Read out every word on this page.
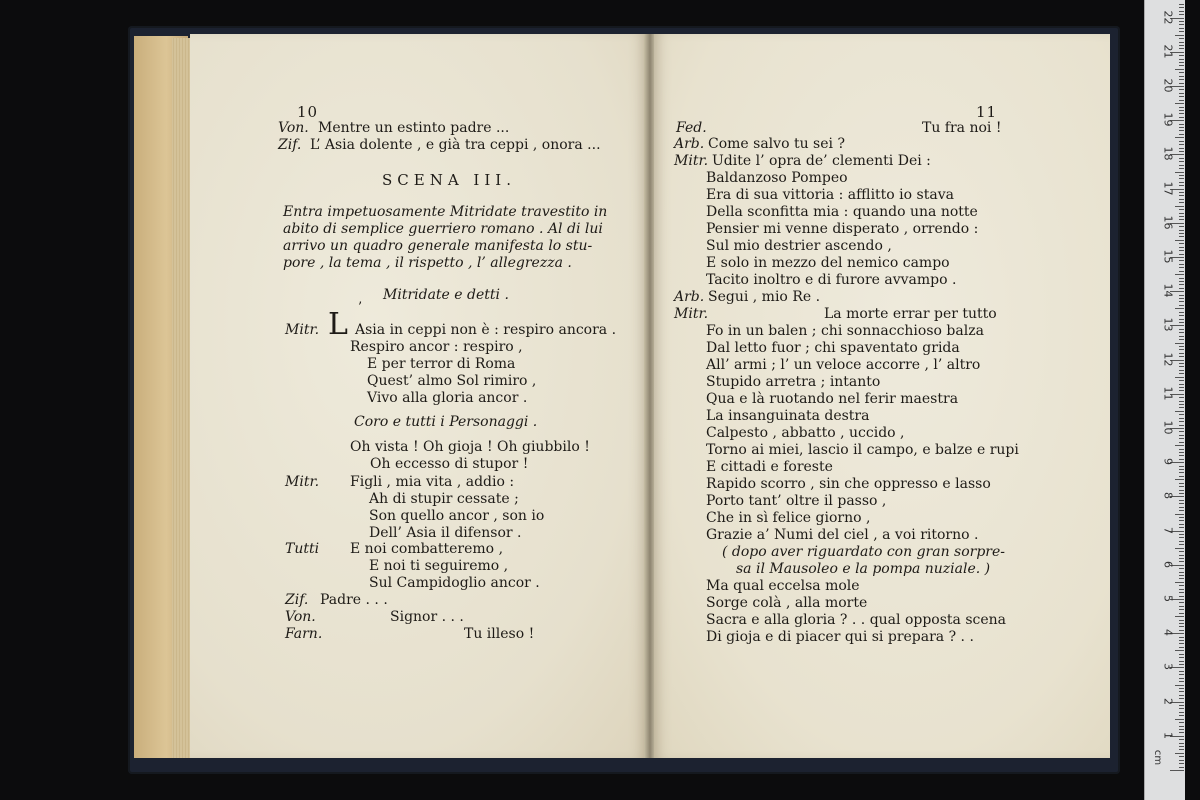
10
Von. Mentre un estinto padre ...
Zif. L’ Asia dolente , e già tra ceppi , onora ...
SCENA III.
Entra impetuosamente Mitridate travestito in
abito di semplice guerriero romano . Al di lui
arrivo un quadro generale manifesta lo stu-
pore , la tema , il rispetto , l’ allegrezza .
Mitridate e detti .
Mitr. L ’
Asia in ceppi non è : respiro ancora .
Respiro ancor : respiro ,
E per terror di Roma
Quest’ almo Sol rimiro ,
Vivo alla gloria ancor .
Coro e tutti i Personaggi .
Oh vista ! Oh gioja ! Oh giubbilo !
Oh eccesso di stupor !
Mitr. Figli , mia vita , addio :
Ah di stupir cessate ;
Son quello ancor , son io
Dell’ Asia il difensor .
Tutti E noi combatteremo ,
E noi ti seguiremo ,
Sul Campidoglio ancor .
Zif. Padre . . .
Von.	Signor . . .
Farn.	Tu illeso !
11
Fed.	Tu fra noi !
Arb. Come salvo tu sei ?
Mitr. Udite l’ opra de’ clementi Dei :
Baldanzoso Pompeo
Era di sua vittoria : afflitto io stava
Della sconfitta mia : quando una notte
Pensier mi venne disperato , orrendo :
Sul mio destrier ascendo ,
E solo in mezzo del nemico campo
Tacito inoltro e di furore avvampo .
Arb. Segui , mio Re .
Mitr.	La morte errar per tutto
Fo in un balen ; chi sonnacchioso balza
Dal letto fuor ; chi spaventato grida
All’ armi ; l’ un veloce accorre , l’ altro
Stupido arretra ; intanto
Qua e là ruotando nel ferir maestra
La insanguinata destra
Calpesto , abbatto , uccido ,
Torno ai miei, lascio il campo, e balze e rupi
E cittadi e foreste
Rapido scorro , sin che oppresso e lasso
Porto tant’ oltre il passo ,
Che in sì felice giorno ,
Grazie a’ Numi del ciel , a voi ritorno .
( dopo aver riguardato con gran sorpre-
sa il Mausoleo e la pompa nuziale. )
Ma qual eccelsa mole
Sorge colà , alla morte
Sacra e alla gloria ? . . qual opposta scena
Di gioja e di piacer qui si prepara ? . .
1
2
3
4
5
6
7
8
9
10
11
12
13
14
15
16
17
18
19
20
21
22
cm
